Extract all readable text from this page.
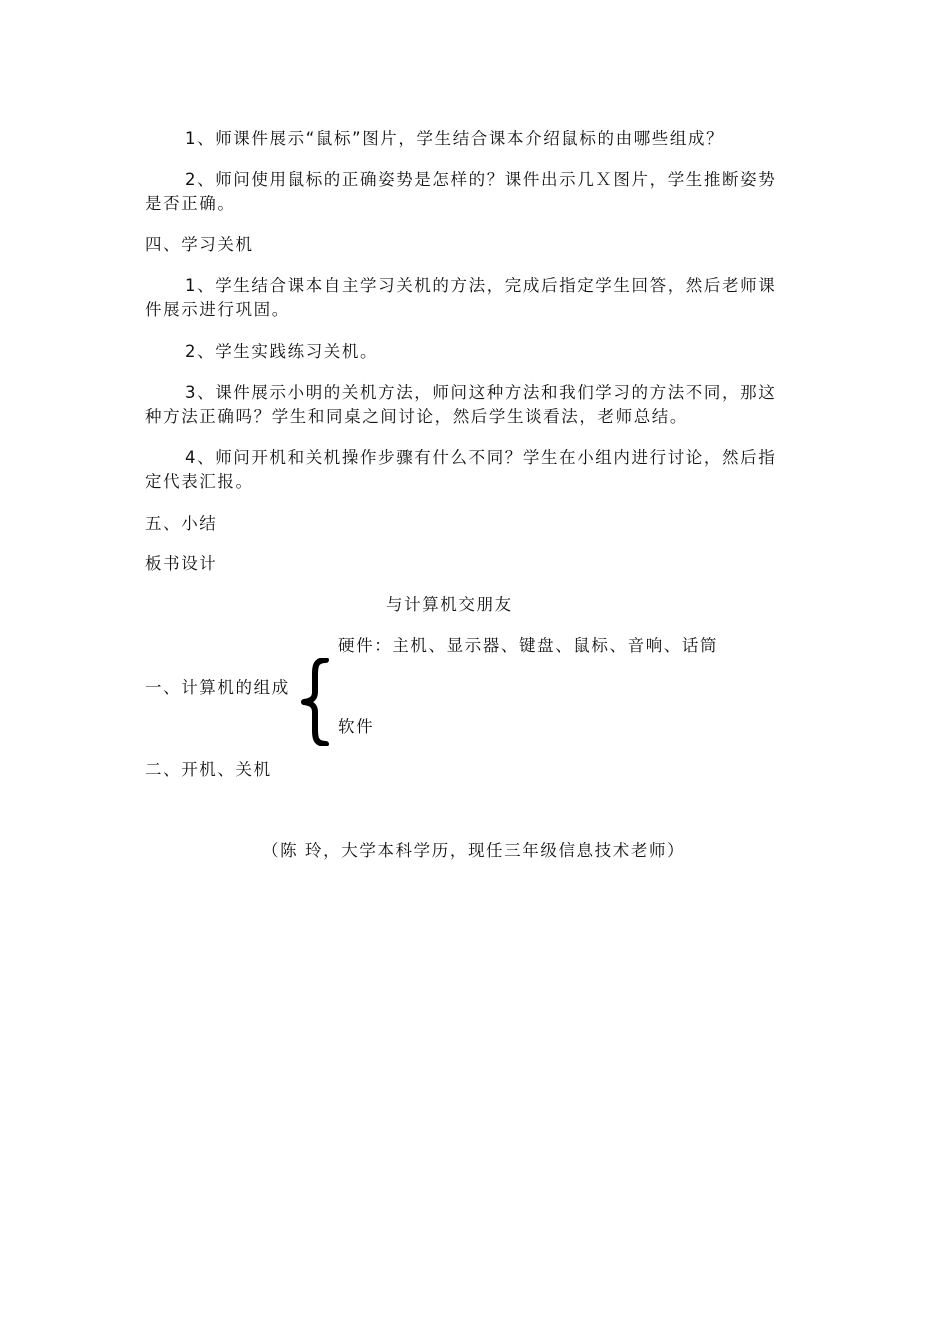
1、师课件展示“鼠标”图片，学生结合课本介绍鼠标的由哪些组成？
2、师问使用鼠标的正确姿势是怎样的？课件出示几Ｘ图片，学生推断姿势
是否正确。
四、学习关机
1、学生结合课本自主学习关机的方法，完成后指定学生回答，然后老师课
件展示进行巩固。
2、学生实践练习关机。
3、课件展示小明的关机方法，师问这种方法和我们学习的方法不同，那这
种方法正确吗？学生和同桌之间讨论，然后学生谈看法，老师总结。
4、师问开机和关机操作步骤有什么不同？学生在小组内进行讨论，然后指
定代表汇报。
五、小结
板书设计
与计算机交朋友
硬件：主机、显示器、键盘、鼠标、音响、话筒
一、计算机的组成
软件
二、开机、关机
（陈 玲，大学本科学历，现任三年级信息技术老师）
